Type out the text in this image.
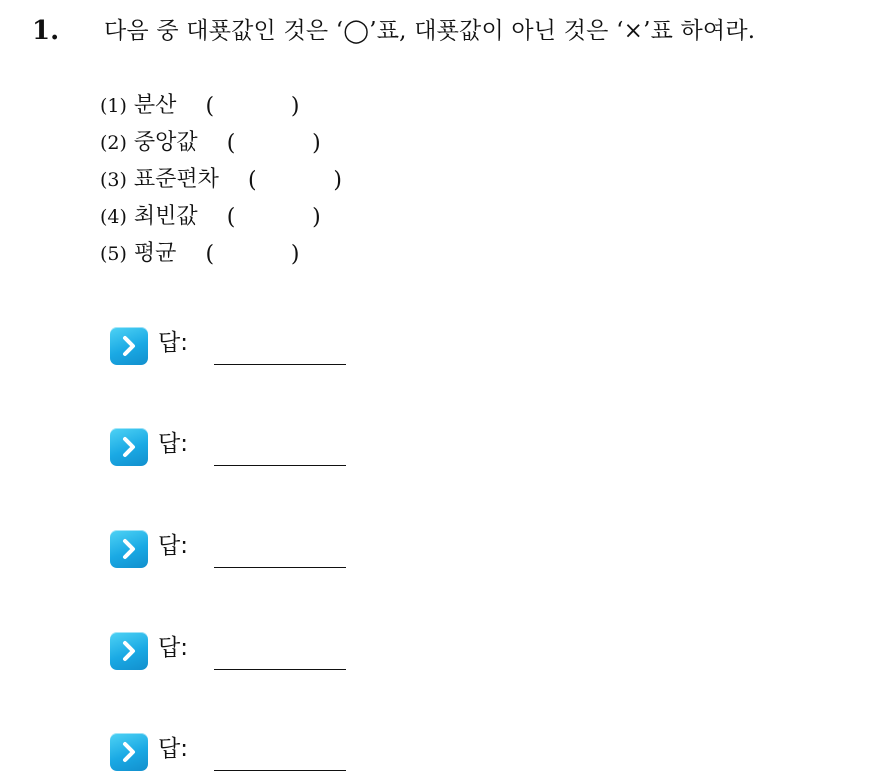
1. 다음 중 대푯값인 것은 ‘◯’표, 대푯값이 아닌 것은 ‘×’표 하여라.
(1) 분산 (	)
(2) 중앙값 (	)
(3) 표준편차 (	)
(4) 최빈값 (	)
(5) 평균 (	)
답:
답:
답:
답:
답:
